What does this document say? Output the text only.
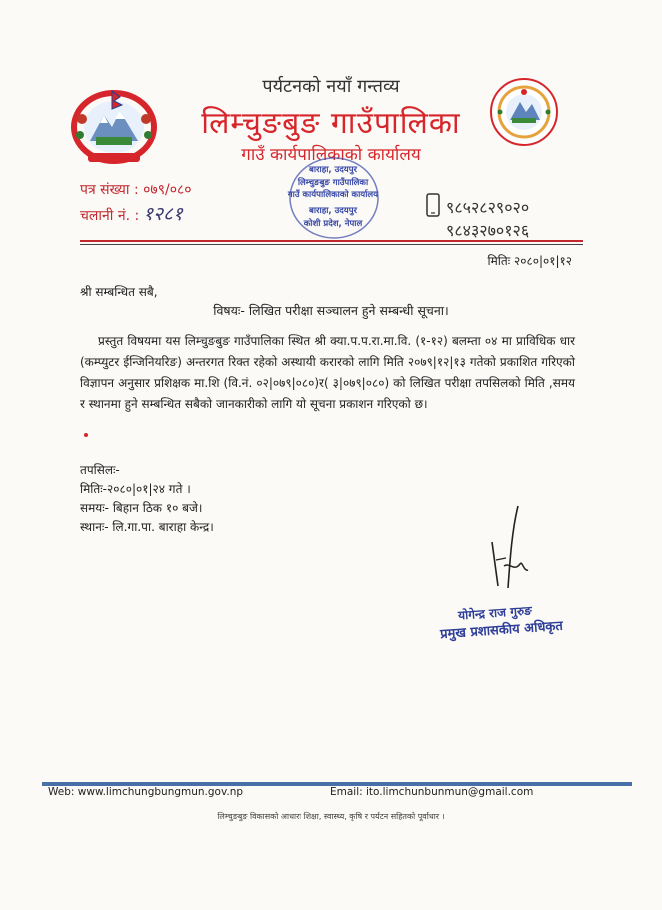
पर्यटनको नयाँ गन्तव्य
लिम्चुङबुङ गाउँपालिका
गाउँ कार्यपालिकाको कार्यालय
पत्र संख्या : ०७९/०८०
चलानी नं. : १२८१
बाराहा, उदयपुर
लिम्चुङबुङ गाउँपालिका
गाउँ कार्यपालिकाको कार्यालय
बाराहा, उदयपुर
कोशी प्रदेश, नेपाल
९८५२८२९०२०
९८४३२७०१२६
मितिः २०८०|०१|१२
श्री सम्बन्धित सबै,
विषयः- लिखित परीक्षा सञ्चालन हुने सम्बन्धी सूचना।
प्रस्तुत विषयमा यस लिम्चुङबुङ गाउँपालिका स्थित श्री क्या.प.प.रा.मा.वि. (१-१२) बलम्ता ०४ मा प्राविधिक धार (कम्प्युटर ईन्जिनियरिङ) अन्तरगत रिक्त रहेको अस्थायी करारको लागि मिति २०७९|१२|१३ गतेको प्रकाशित गरिएको विज्ञापन अनुसार प्रशिक्षक मा.शि (वि.नं. ०२|०७९|०८०)र( ३|०७९|०८०) को लिखित परीक्षा तपसिलको मिति ,समय र स्थानमा हुने सम्बन्धित सबैको जानकारीको लागि यो सूचना प्रकाशन गरिएको छ।
तपसिलः-
मितिः-२०८०|०१|२४ गते ।
समयः- बिहान ठिक १० बजे।
स्थानः- लि.गा.पा. बाराहा केन्द्र।
योगेन्द्र राज गुरुङ
प्रमुख प्रशासकीय अधिकृत
Web: www.limchungbungmun.gov.np	Email: ito.limchunbunmun@gmail.com
लिम्चुङबुङ विकासको आधारः शिक्षा, स्वास्थ्य, कृषि र पर्यटन सहितको पूर्वाधार ।
